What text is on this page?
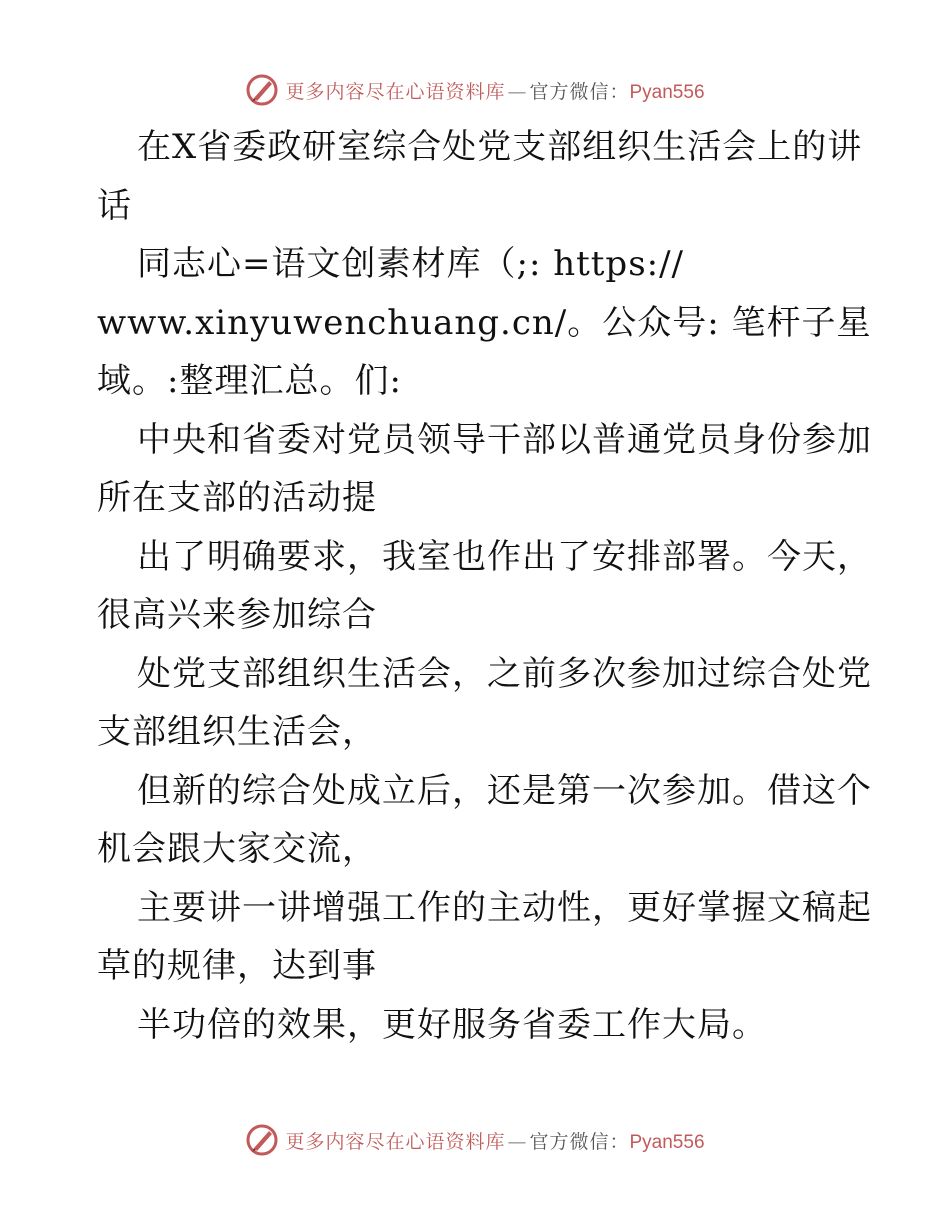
更多内容尽在心语资料库 — 官方微信：Pyan556
在X省委政研室综合处党支部组织生活会上的讲
话
同志心=语文创素材库（;: https://
www.xinyuwenchuang.cn/。公众号: 笔杆子星
域。:整理汇总。们:
中央和省委对党员领导干部以普通党员身份参加
所在支部的活动提
出了明确要求，我室也作出了安排部署。今天，
很高兴来参加综合
处党支部组织生活会，之前多次参加过综合处党
支部组织生活会，
但新的综合处成立后，还是第一次参加。借这个
机会跟大家交流，
主要讲一讲增强工作的主动性，更好掌握文稿起
草的规律，达到事
半功倍的效果，更好服务省委工作大局。
更多内容尽在心语资料库 — 官方微信：Pyan556
